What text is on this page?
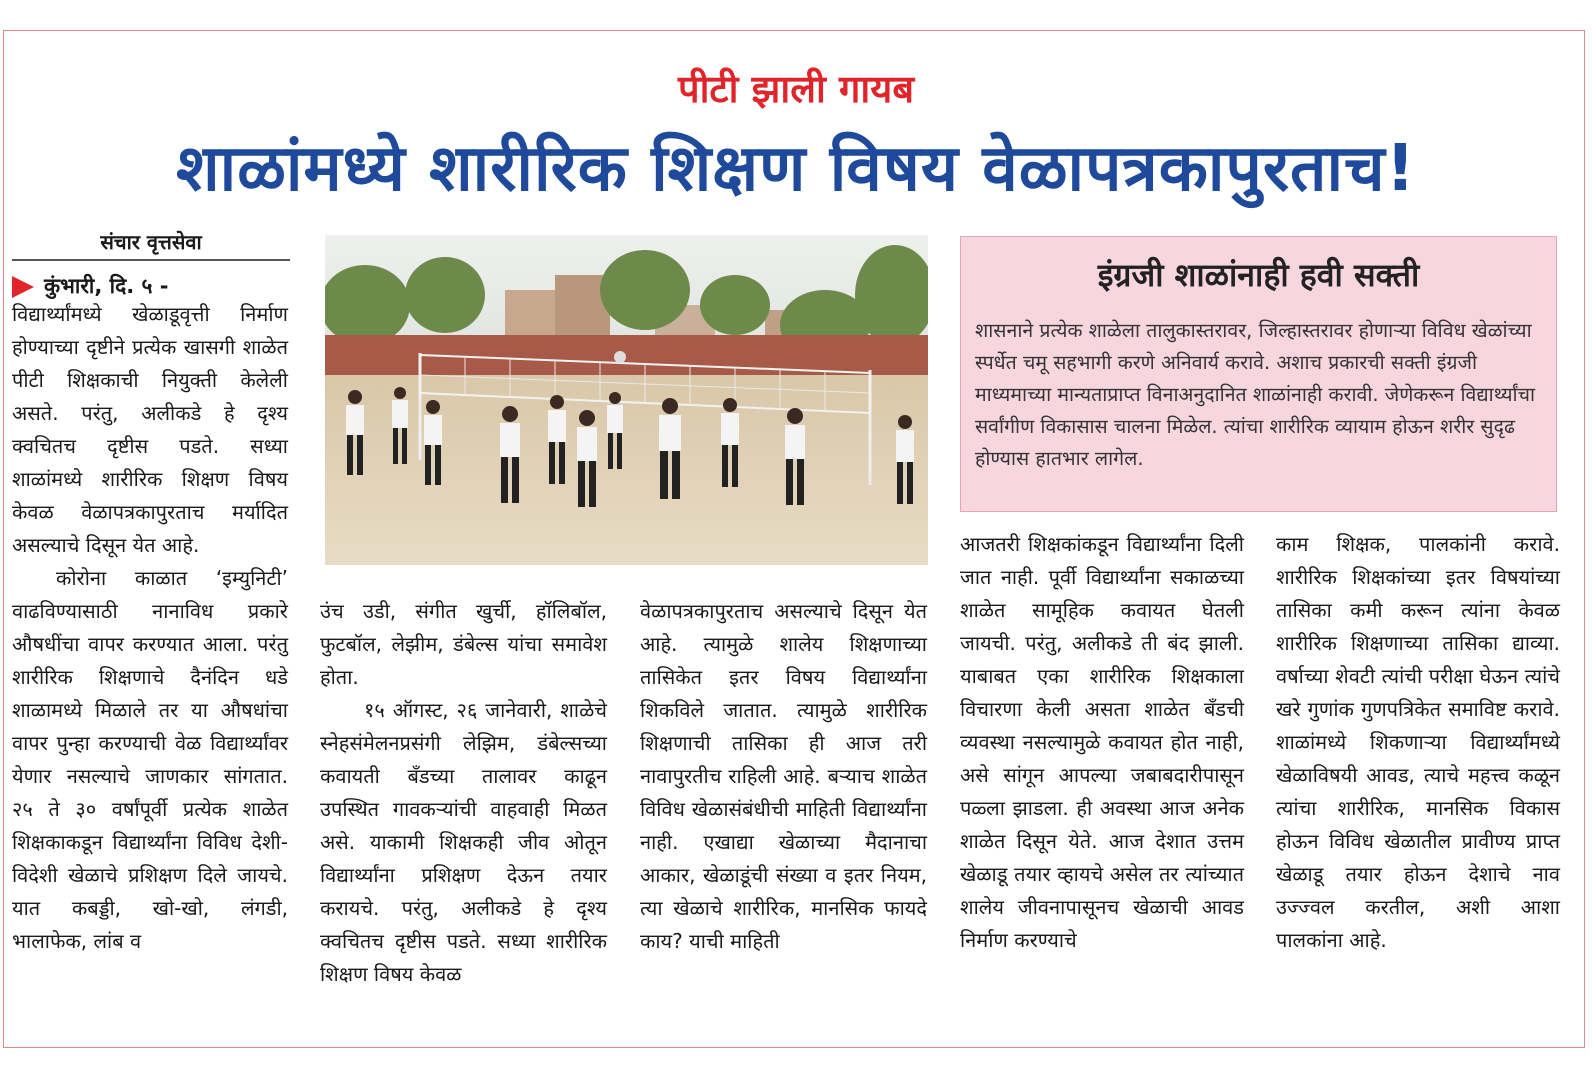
पीटी झाली गायब
शाळांमध्ये शारीरिक शिक्षण विषय वेळापत्रकापुरताच!
संचार वृत्तसेवा
कुंभारी, दि. ५ -

विद्यार्थ्यांमध्ये खेळाडूवृत्ती निर्माण होण्याच्या दृष्टीने प्रत्येक खासगी शाळेत पीटी शिक्षकाची नियुक्ती केलेली असते. परंतु, अलीकडे हे दृश्य क्वचितच दृष्टीस पडते. सध्या शाळांमध्ये शारीरिक शिक्षण विषय केवळ वेळापत्रकापुरताच मर्यादित असल्याचे दिसून येत आहे.

कोरोना काळात ‘इम्युनिटी’ वाढविण्यासाठी नानाविध प्रकारे औषधींचा वापर करण्यात आला. परंतु शारीरिक शिक्षणाचे दैनंदिन धडे शाळामध्ये मिळाले तर या औषधांचा वापर पुन्हा करण्याची वेळ विद्यार्थ्यांवर येणार नसल्याचे जाणकार सांगतात. २५ ते ३० वर्षांपूर्वी प्रत्येक शाळेत शिक्षकाकडून विद्यार्थ्यांना विविध देशी-विदेशी खेळाचे प्रशिक्षण दिले जायचे. यात कबड्डी, खो-खो, लंगडी, भालाफेक, लांब व

उंच उडी, संगीत खुर्ची, हॉलिबॉल, फुटबॉल, लेझीम, डंबेल्स यांचा समावेश होता.

१५ ऑगस्ट, २६ जानेवारी, शाळेचे स्नेहसंमेलनप्रसंगी लेझिम, डंबेल्सच्या कवायती बँडच्या तालावर काढून उपस्थित गावकऱ्यांची वाहवाही मिळत असे. याकामी शिक्षकही जीव ओतून विद्यार्थ्यांना प्रशिक्षण देऊन तयार करायचे. परंतु, अलीकडे हे दृश्य क्वचितच दृष्टीस पडते. सध्या शारीरिक शिक्षण विषय केवळ

वेळापत्रकापुरताच असल्याचे दिसून येत आहे. त्यामुळे शालेय शिक्षणाच्या तासिकेत इतर विषय विद्यार्थ्यांना शिकविले जातात. त्यामुळे शारीरिक शिक्षणाची तासिका ही आज तरी नावापुरतीच राहिली आहे. बऱ्याच शाळेत विविध खेळासंबंधीची माहिती विद्यार्थ्यांना नाही. एखाद्या खेळाच्या मैदानाचा आकार, खेळाडूंची संख्या व इतर नियम, त्या खेळाचे शारीरिक, मानसिक फायदे काय? याची माहिती

इंग्रजी शाळांनाही हवी सक्ती
शासनाने प्रत्येक शाळेला तालुकास्तरावर, जिल्हास्तरावर होणाऱ्या विविध खेळांच्या स्पर्धेत चमू सहभागी करणे अनिवार्य करावे. अशाच प्रकारची सक्ती इंग्रजी माध्यमाच्या मान्यताप्राप्त विनाअनुदानित शाळांनाही करावी. जेणेकरून विद्यार्थ्यांचा सर्वांगीण विकासास चालना मिळेल. त्यांचा शारीरिक व्यायाम होऊन शरीर सुदृढ होण्यास हातभार लागेल.

आजतरी शिक्षकांकडून विद्यार्थ्यांना दिली जात नाही. पूर्वी विद्यार्थ्यांना सकाळच्या शाळेत सामूहिक कवायत घेतली जायची. परंतु, अलीकडे ती बंद झाली. याबाबत एका शारीरिक शिक्षकाला विचारणा केली असता शाळेत बँडची व्यवस्था नसल्यामुळे कवायत होत नाही, असे सांगून आपल्या जबाबदारीपासून पळ्ला झाडला. ही अवस्था आज अनेक शाळेत दिसून येते. आज देशात उत्तम खेळाडू तयार व्हायचे असेल तर त्यांच्यात शालेय जीवनापासूनच खेळाची आवड निर्माण करण्याचे

काम शिक्षक, पालकांनी करावे. शारीरिक शिक्षकांच्या इतर विषयांच्या तासिका कमी करून त्यांना केवळ शारीरिक शिक्षणाच्या तासिका द्याव्या. वर्षाच्या शेवटी त्यांची परीक्षा घेऊन त्यांचे खरे गुणांक गुणपत्रिकेत समाविष्ट करावे. शाळांमध्ये शिकणाऱ्या विद्यार्थ्यांमध्ये खेळाविषयी आवड, त्याचे महत्त्व कळून त्यांचा शारीरिक, मानसिक विकास होऊन विविध खेळातील प्रावीण्य प्राप्त खेळाडू तयार होऊन देशाचे नाव उज्ज्वल करतील, अशी आशा पालकांना आहे.
